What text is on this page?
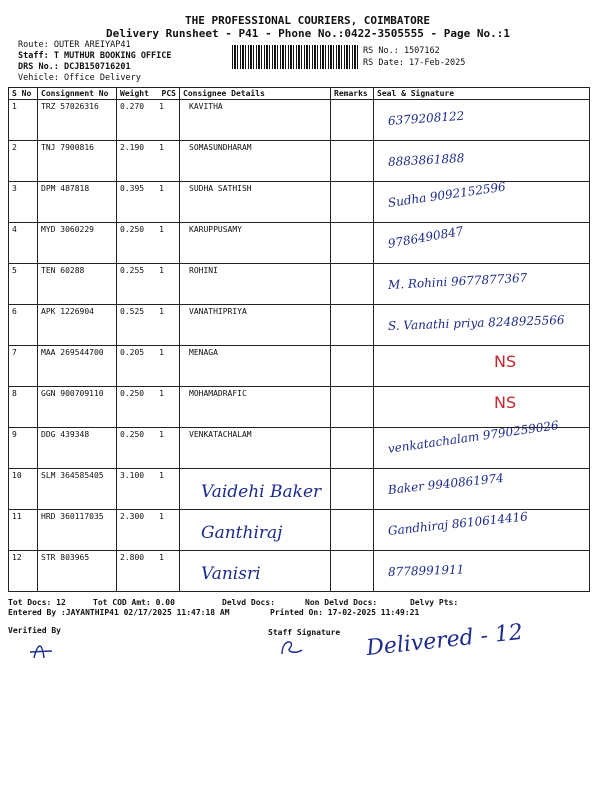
THE PROFESSIONAL COURIERS, COIMBATORE
Delivery Runsheet - P41 - Phone No.:0422-3505555 - Page No.:1
Route: OUTER AREIYAP41
Staff: T MUTHUR BOOKING OFFICE
DRS No.: DCJB150716201
Vehicle: Office Delivery
RS No.: 1507162
RS Date: 17-Feb-2025
S No	Consignment No	Weight PCS	Consignee Details	Remarks	Seal & Signature
1	TRZ 57026316	0.270 1	KAVITHA		6379208122

2	TNJ 7900816	2.190 1	SOMASUNDHARAM		8883861888

3	DPM 487818	0.395 1	SUDHA SATHISH		Sudha 9092152596

4	MYD 3060229	0.250 1	KARUPPUSAMY		9786490847

5	TEN 60288	0.255 1	ROHINI		M. Rohini 9677877367

6	APK 1226904	0.525 1	VANATHIPRIYA		S. Vanathi priya 8248925566

7	MAA 269544700	0.205 1	MENAGA		NS

8	GGN 900709110	0.250 1	MOHAMADRAFIC		NS

9	DDG 439348	0.250 1	VENKATACHALAM		venkatachalam 9790259026

10	SLM 364585405	3.100 1	Vaidehi Baker		Baker 9940861974

11	HRD 360117035	2.300 1	Ganthiraj		Gandhiraj 8610614416

12	STR 803965	2.800 1	Vanisri		8778991911
Tot Docs: 12	Tot COD Amt: 0.00	Delvd Docs:	Non Delvd Docs:	Delvy Pts:
Entered By :JAYANTHIP41 02/17/2025 11:47:18 AM	Printed On: 17-02-2025 11:49:21
Verified By	Staff Signature Delivered - 12
